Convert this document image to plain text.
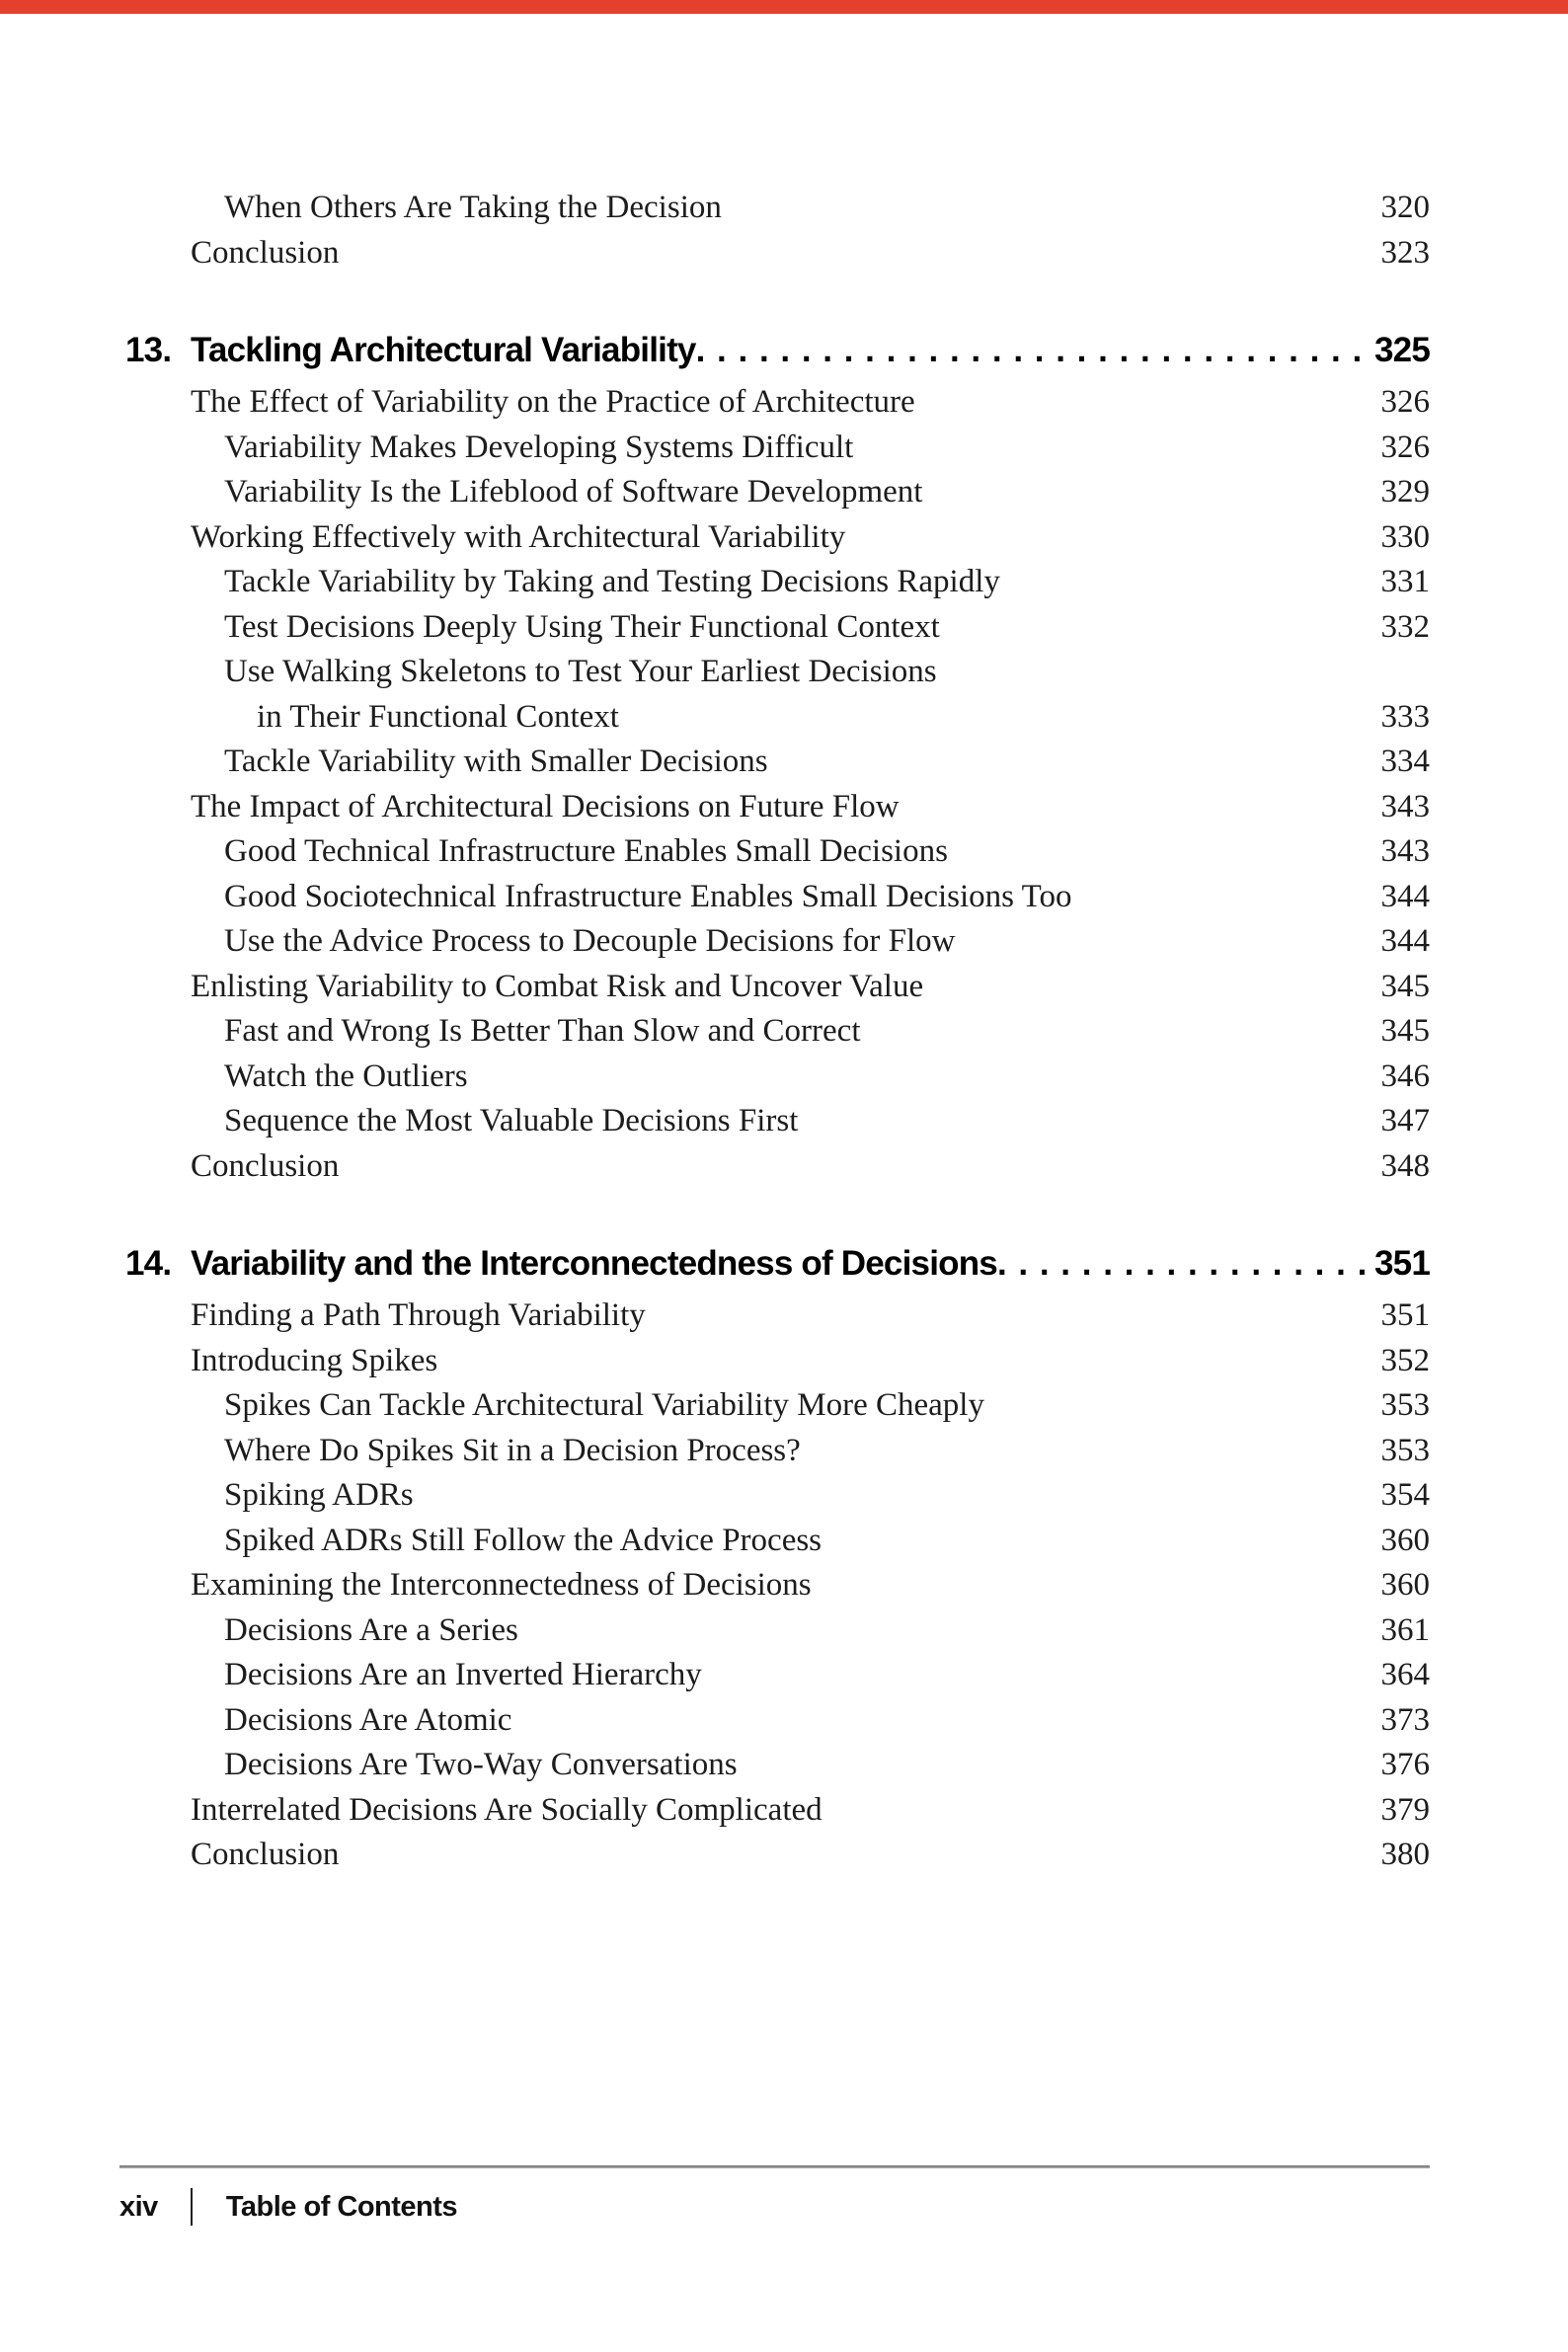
When Others Are Taking the Decision	320
Conclusion	323
13. Tackling Architectural Variability . . .	325
The Effect of Variability on the Practice of Architecture	326
Variability Makes Developing Systems Difficult	326
Variability Is the Lifeblood of Software Development	329
Working Effectively with Architectural Variability	330
Tackle Variability by Taking and Testing Decisions Rapidly	331
Test Decisions Deeply Using Their Functional Context	332
Use Walking Skeletons to Test Your Earliest Decisions
in Their Functional Context	333
Tackle Variability with Smaller Decisions	334
The Impact of Architectural Decisions on Future Flow	343
Good Technical Infrastructure Enables Small Decisions	343
Good Sociotechnical Infrastructure Enables Small Decisions Too	344
Use the Advice Process to Decouple Decisions for Flow	344
Enlisting Variability to Combat Risk and Uncover Value	345
Fast and Wrong Is Better Than Slow and Correct	345
Watch the Outliers	346
Sequence the Most Valuable Decisions First	347
Conclusion	348
14. Variability and the Interconnectedness of Decisions . . .	351
Finding a Path Through Variability	351
Introducing Spikes	352
Spikes Can Tackle Architectural Variability More Cheaply	353
Where Do Spikes Sit in a Decision Process?	353
Spiking ADRs	354
Spiked ADRs Still Follow the Advice Process	360
Examining the Interconnectedness of Decisions	360
Decisions Are a Series	361
Decisions Are an Inverted Hierarchy	364
Decisions Are Atomic	373
Decisions Are Two-Way Conversations	376
Interrelated Decisions Are Socially Complicated	379
Conclusion	380
xiv Table of Contents
